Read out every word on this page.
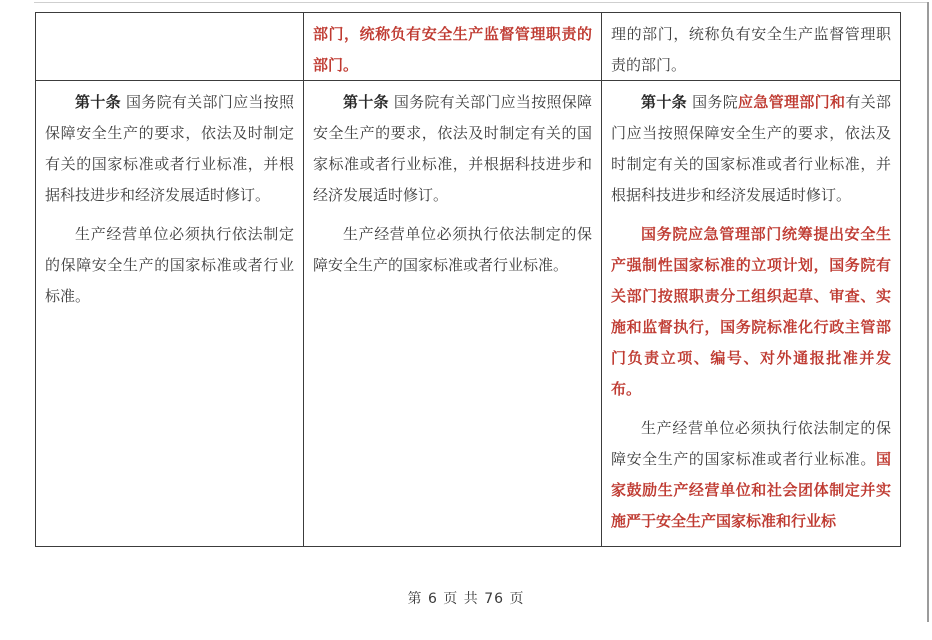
部门，统称负有安全生产监督管理职责的部门。

理的部门，统称负有安全生产监督管理职责的部门。

第十条 国务院有关部门应当按照保障安全生产的要求，依法及时制定有关的国家标准或者行业标准，并根据科技进步和经济发展适时修订。

生产经营单位必须执行依法制定的保障安全生产的国家标准或者行业标准。

第十条 国务院有关部门应当按照保障安全生产的要求，依法及时制定有关的国家标准或者行业标准，并根据科技进步和经济发展适时修订。

生产经营单位必须执行依法制定的保障安全生产的国家标准或者行业标准。

第十条 国务院应急管理部门和有关部门应当按照保障安全生产的要求，依法及时制定有关的国家标准或者行业标准，并根据科技进步和经济发展适时修订。

国务院应急管理部门统筹提出安全生产强制性国家标准的立项计划，国务院有关部门按照职责分工组织起草、审查、实施和监督执行，国务院标准化行政主管部门负责立项、编号、对外通报批准并发布。

生产经营单位必须执行依法制定的保障安全生产的国家标准或者行业标准。国家鼓励生产经营单位和社会团体制定并实施严于安全生产国家标准和行业标

第 6 页 共 76 页
